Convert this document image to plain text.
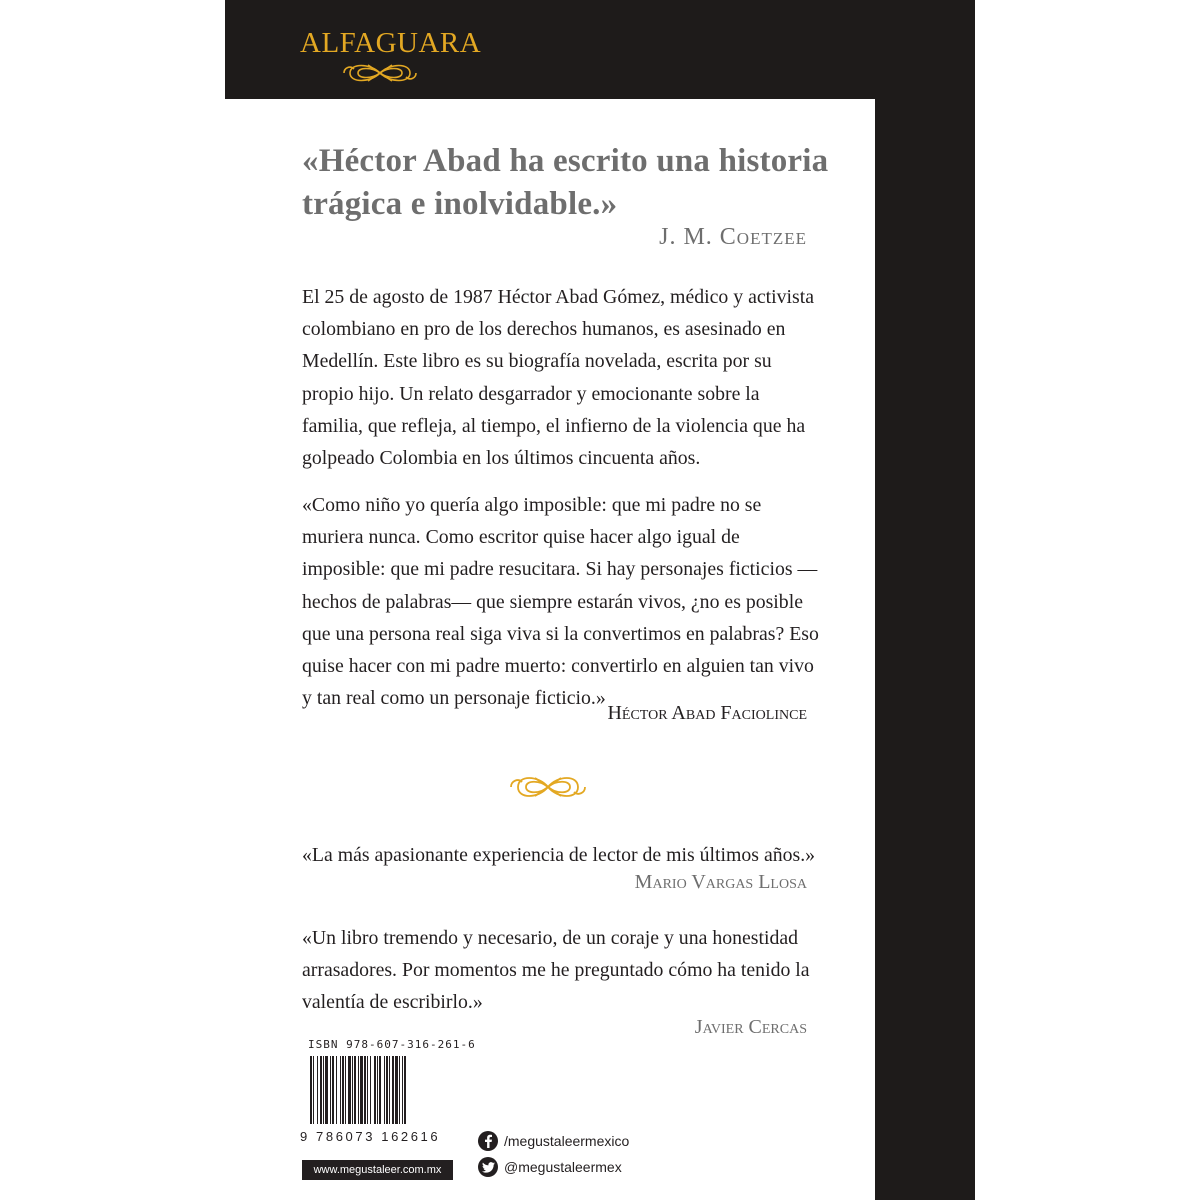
ALFAGUARA
«Héctor Abad ha escrito una historia trágica e inolvidable.»
J. M. Coetzee

El 25 de agosto de 1987 Héctor Abad Gómez, médico y activista colombiano en pro de los derechos humanos, es asesinado en Medellín. Este libro es su biografía novelada, escrita por su propio hijo. Un relato desgarrador y emocionante sobre la familia, que refleja, al tiempo, el infierno de la violencia que ha golpeado Colombia en los últimos cincuenta años.

«Como niño yo quería algo imposible: que mi padre no se muriera nunca. Como escritor quise hacer algo igual de imposible: que mi padre resucitara. Si hay personajes ficticios —hechos de palabras— que siempre estarán vivos, ¿no es posible que una persona real siga viva si la convertimos en palabras? Eso quise hacer con mi padre muerto: convertirlo en alguien tan vivo y tan real como un personaje ficticio.»

Héctor Abad Faciolince
«La más apasionante experiencia de lector de mis últimos años.»
Mario Vargas Llosa

«Un libro tremendo y necesario, de un coraje y una honestidad arrasadores. Por momentos me he preguntado cómo ha tenido la valentía de escribirlo.»

Javier Cercas
ISBN 978-607-316-261-6
9 786073 162616
www.megustaleer.com.mx
/megustaleermexico
@megustaleermex
